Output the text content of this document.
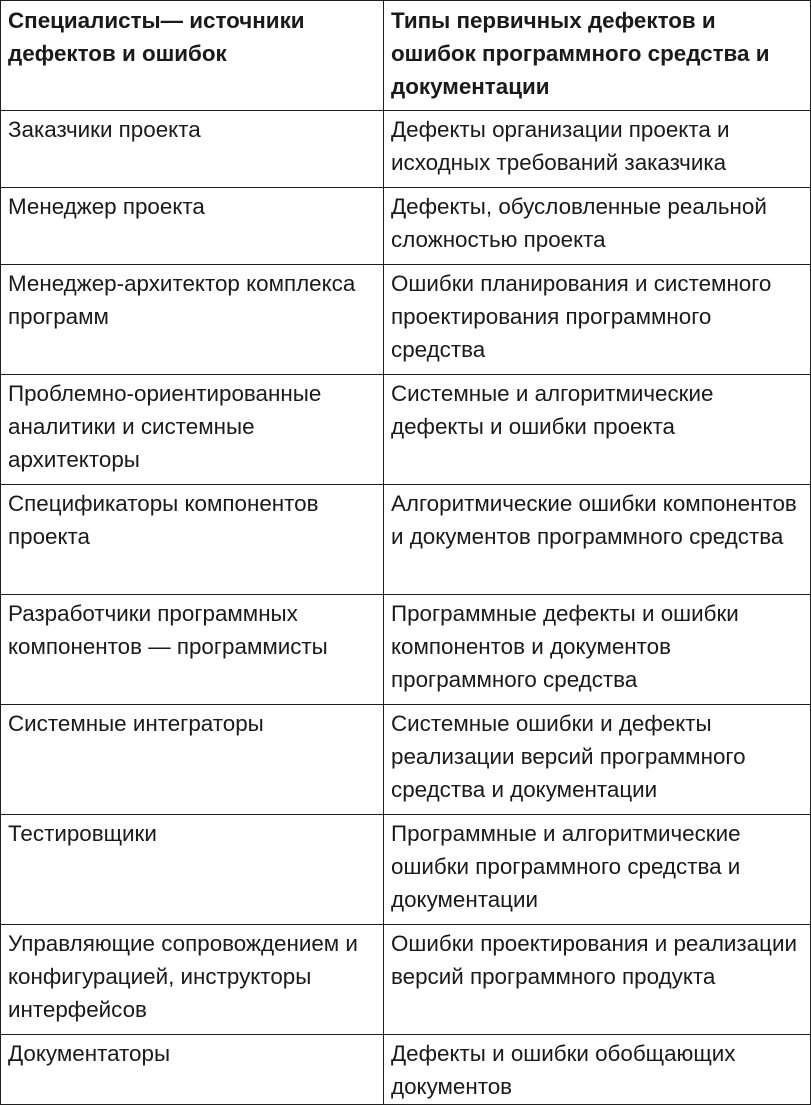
Специалисты— источники дефектов и ошибок	Типы первичных дефектов и ошибок программного средства и документации
Заказчики проекта	Дефекты организации проекта и исходных требований заказчика
Менеджер проекта	Дефекты, обусловленные реальной сложностью проекта
Менеджер-архитектор комплекса программ	Ошибки планирования и системного проектирования программного средства
Проблемно-ориентированные аналитики и системные архитекторы	Системные и алгоритмические дефекты и ошибки проекта
Спецификаторы компонентов проекта	Алгоритмические ошибки компонентов и документов программного средства
Разработчики программных компонентов — программисты	Программные дефекты и ошибки компонентов и документов программного средства
Системные интеграторы	Системные ошибки и дефекты реализации версий программного средства и документации
Тестировщики	Программные и алгоритмические ошибки программного средства и документации
Управляющие сопровождением и конфигурацией, инструкторы интерфейсов	Ошибки проектирования и реализации версий программного продукта
Документаторы	Дефекты и ошибки обобщающих документов
